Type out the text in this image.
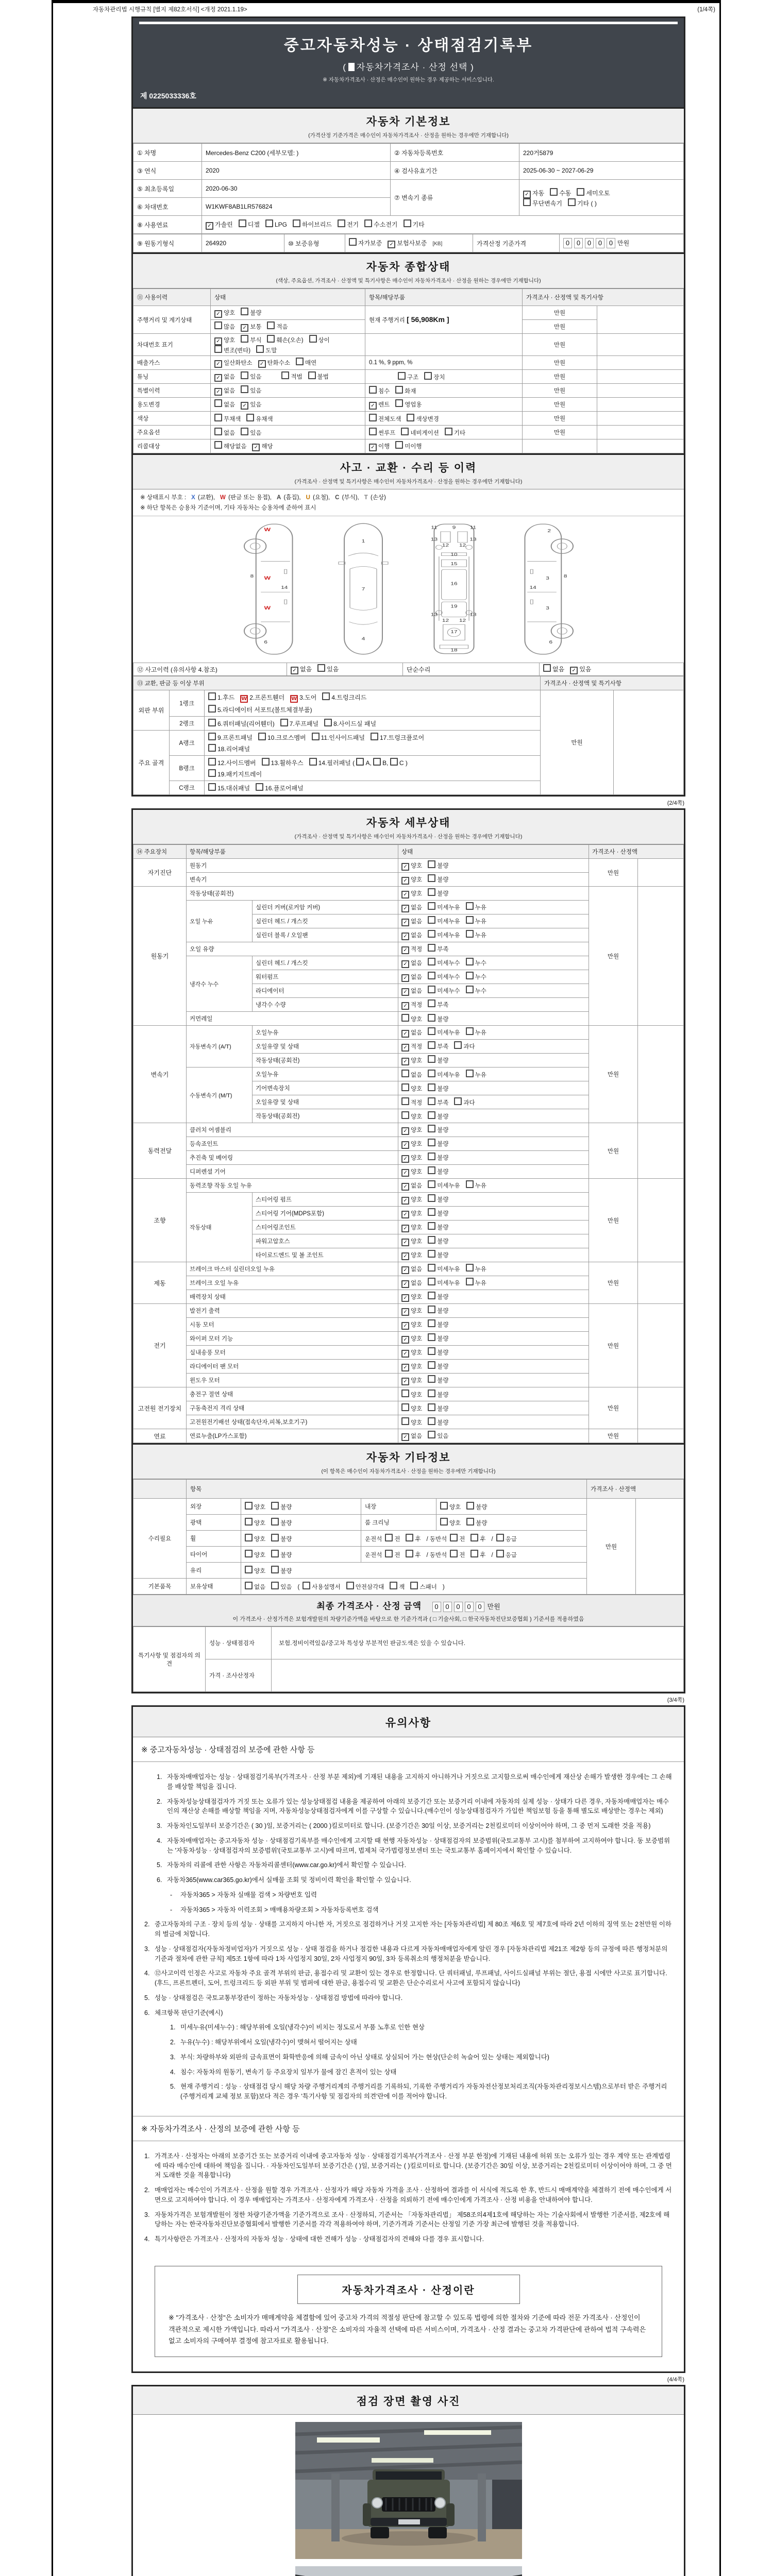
자동차관리법 시행규칙 [별지 제82호서식] <개정 2021.1.19>	(1/4쪽)
중고자동차성능 · 상태점검기록부
( 자동차가격조사 · 산정 선택 )
※ 자동차가격조사 · 산정은 매수인이 원하는 경우 제공하는 서비스입니다.
제 0225033336호
자동차 기본정보
(가격산정 기준가격은 매수인이 자동차가격조사 · 산정을 원하는 경우에만 기재합니다)
① 차명	Mercedes-Benz C200 (세부모델: )	② 자동차등록번호	220거5879
③ 연식	2020	④ 검사유효기간	2025-06-30 ~ 2027-06-29
⑤ 최초등록일	2020-06-30	⑦ 변속기 종류	✓ 자동 수동 세미오토
무단변속기 기타 ( )

⑥ 차대번호	W1KWF8AB1LR576824		
⑧ 사용연료	✓ 가솔린 디젤 LPG 하이브리드 전기 수소전기 기타		
⑨ 원동기형식	264920	⑩ 보증유형	자가보증 ✓ 보험사보증 [KB]	가격산정 기준가격	0 0 0 0 0 만원
자동차 종합상태
(색상, 주요옵션, 가격조사 · 산정액 및 특기사항은 매수인이 자동차가격조사 · 산정을 원하는 경우에만 기재합니다)
⑪ 사용이력	상태	항목/해당부품	가격조사 · 산정액 및 특기사항	
주행거리 및 계기상태	✓ 양호 불량	현재 주행거리 [ 56,908Km ]	만원	
	많음 ✓ 보통 적음		만원	
차대번호 표기	✓ 양호 부식 훼손(오손) 상이변조(변타) 도말		만원	
배출가스	✓ 일산화탄소 ✓ 탄화수소 매연	0.1 %, 9 ppm, %	만원	
튜닝	✓ 없음 있음 적법 불법	구조 장치	만원	
특별이력	✓ 없음 있음	침수 화재	만원	
용도변경	없음 ✓ 있음	✓ 렌트 영업용	만원	
색상	무채색 유채색	전체도색 색상변경	만원	
주요옵션	없음 있음	썬루프 네비게이션 기타	만원	
리콜대상	해당없음 ✓ 해당	✓ 이행 미이행		
사고 · 교환 · 수리 등 이력
(가격조사 · 산정액 및 특기사항은 매수인이 자동차가격조사 · 산정을 원하는 경우에만 기재합니다)
※ 상태표시 부호 : X (교환), W (판금 또는 용접), A (흠집), U (요철), C (부식), T (손상)
※ 하단 항목은 승용차 기준이며, 기타 자동차는 승용차에 준하여 표시
W
8 W
14
W
6
1
7
4
11 9 11
13
12 12
13
10
15
16
19
13
12 12
13
17
18
2
8
3
14
3
6
⑫ 사고이력 (유의사항 4.참조)	✓ 없음 있음	단순수리	없음 ✓ 있음
⑬ 교환, 판금 등 이상 부위			가격조사 · 산정액 및 특기사항	
외판 부위	1랭크	1.후드 W 2.프론트휀더 W 3.도어 4.트렁크리드
5.라디에이터 서포트(볼트체결부품)	만원	
	2랭크	6.쿼터패널(리어휀더) 7.루프패널 8.사이드실 패널		

주요 골격	A랭크	9.프론트패널 10.크로스멤버 11.인사이드패널 17.트렁크플로어
18.리어패널		

	B랭크	12.사이드멤버 13.휠하우스 14.필러패널 ( A, B, C )
19.패키지트레이		

	C랭크	15.대쉬패널 16.플로어패널		
(2/4쪽)
자동차 세부상태
(가격조사 · 산정액 및 특기사항은 매수인이 자동차가격조사 · 산정을 원하는 경우에만 기재합니다)
⑭ 주요장치	항목/해당부품		상태	가격조사 · 산정액	
자기진단	원동기		✓ 양호 불량	만원	
	변속기		✓ 양호 불량		
원동기	작동상태(공회전)		✓ 양호 불량	만원	
	오일 누유	실린더 커버(로커암 커버)	✓ 없음 미세누유 누유		
		실린더 헤드 / 개스킷	✓ 없음 미세누유 누유		
		실린더 블록 / 오일팬	✓ 없음 미세누유 누유		
	오일 유량		✓ 적정 부족		
	냉각수 누수	실린더 헤드 / 개스킷	✓ 없음 미세누수 누수		
		워터펌프	✓ 없음 미세누수 누수		
		라디에이터	✓ 없음 미세누수 누수		
		냉각수 수량	✓ 적정 부족		
	커먼레일		양호 불량		
변속기	자동변속기 (A/T)	오일누유	✓ 없음 미세누유 누유	만원	
		오일유량 및 상태	✓ 적정 부족 과다		
		작동상태(공회전)	✓ 양호 불량		
	수동변속기 (M/T)	오일누유	없음 미세누유 누유		
		기어변속장치	양호 불량		
		오일유량 및 상태	적정 부족 과다		
		작동상태(공회전)	양호 불량		
동력전달	클러치 어셈블리		✓ 양호 불량	만원	
	등속죠인트		✓ 양호 불량		
	추진축 및 베어링		✓ 양호 불량		
	디퍼렌셜 기어		✓ 양호 불량		
조향	동력조향 작동 오일 누유		✓ 없음 미세누유 누유	만원	
	작동상태	스티어링 펌프	✓ 양호 불량		
		스티어링 기어(MDPS포함)	✓ 양호 불량		
		스티어링조인트	✓ 양호 불량		
		파워고압호스	✓ 양호 불량		
		타이로드엔드 및 볼 조인트	✓ 양호 불량		
제동	브레이크 마스터 실린더오일 누유		✓ 없음 미세누유 누유	만원	
	브레이크 오일 누유		✓ 없음 미세누유 누유		
	배력장치 상태		✓ 양호 불량		
전기	발전기 출력		✓ 양호 불량	만원	
	시동 모터		✓ 양호 불량		
	와이퍼 모터 기능		✓ 양호 불량		
	실내송풍 모터		✓ 양호 불량		
	라디에이터 팬 모터		✓ 양호 불량		
	윈도우 모터		✓ 양호 불량		
고전원 전기장치	충전구 절연 상태		양호 불량	만원	
	구동축전지 격리 상태		양호 불량		
	고전원전기배선 상태(접속단자,피복,보호기구)		양호 불량		
연료	연료누출(LP가스포함)		✓ 없음 있음	만원	
자동차 기타정보
(이 항목은 매수인이 자동차가격조사 · 산정을 원하는 경우에만 기재합니다)
	항목				가격조사 · 산정액	
수리필요	외장	양호 불량	내장	양호 불량	만원	
	광택	양호 불량	룸 크리닝	양호 불량		
	휠	양호 불량	운전석 전 후 / 동반석 전 후 / 응급			
	타이어	양호 불량	운전석 전 후 / 동반석 전 후 / 응급			
	유리	양호 불량				
기본품목	보유상태	없음 있음 ( 사용설명서 안전삼각대 잭 스패너 )				
최종 가격조사 · 산정 금액 0 0 0 0 0 만원
이 가격조사 · 산정가격은 보험개발원의 차량기준가액을 바탕으로 한 기준가격과 ( □ 기술사회, □ 한국자동차진단보증협회 ) 기준서를 적용하였음
특기사항 및 점검자의 의견	성능 · 상태점검자	보험.정비이력있음/중고차 특성상 부분적인 판금도색은 있을 수 있습니다.
	가격 · 조사산정자	
(3/4쪽)
유의사항
※ 중고자동차성능 · 상태점검의 보증에 관한 사항 등
1. 자동차매매업자는 성능 · 상태점검기록부(가격조사 · 산정 부분 제외)에 기재된 내용을 고지하지 아니하거나 거짓으로 고지함으로써 매수인에게 재산상 손해가 발생한 경우에는 그 손해를 배상할 책임을 집니다.
2. 자동차성능상태점검자가 거짓 또는 오류가 있는 성능상태점검 내용을 제공하여 아래의 보증기간 또는 보증거리 이내에 자동차의 실제 성능 · 상태가 다른 경우, 자동차매매업자는 매수인의 재산상 손해를 배상할 책임을 지며, 자동차성능상태점검자에게 이를 구상할 수 있습니다.(매수인이 성능상태점검자가 가입한 책임보험 등을 통해 별도로 배상받는 경우는 제외)
3. 자동차인도일부터 보증기간은 ( 30 )일, 보증거리는 ( 2000 )킬로미터로 합니다. (보증기간은 30일 이상, 보증거리는 2천킬로미터 이상이어야 하며, 그 중 먼저 도래한 것을 적용)
4. 자동차매매업자는 중고자동차 성능 · 상태점검기록부를 매수인에게 고지할 때 현행 자동차성능 · 상태점검자의 보증범위(국토교통부 고시)를 첨부하여 고지하여야 합니다. 동 보증범위는 '자동차성능 · 상태점검자의 보증범위'(국토교통부 고시)에 따르며, 법제처 국가법령정보센터 또는 국토교통부 홈페이지에서 확인할 수 있습니다.
5. 자동차의 리콜에 관한 사항은 자동차리콜센터(www.car.go.kr)에서 확인할 수 있습니다.
6. 자동차365(www.car365.go.kr)에서 실매물 조회 및 정비이력 확인을 확인할 수 있습니다.
-	자동차365 > 자동차 실매물 검색 > 차량번호 입력
-	자동차365 > 자동차 이력조회 > 매매용차량조회 > 자동차등록번호 검색
2. 중고자동차의 구조 · 장치 등의 성능 · 상태를 고지하지 아니한 자, 거짓으로 점검하거나 거짓 고지한 자는 [자동차관리법] 제 80조 제6호 및 제7호에 따라 2년 이하의 징역 또는 2천만원 이하의 벌금에 처합니다.
3. 성능 · 상태점검자(자동차정비업자)가 거짓으로 성능 · 상태 점검을 하거나 점검한 내용과 다르게 자동차매매업자에게 알린 경우 [자동차관리법 제21조 제2항 등의 규정에 따른 행정처분의 기준과 절차에 관한 규칙] 제5조 1항에 따라 1차 사업정지 30일, 2차 사업정지 90일, 3차 등록취소의 행정처분을 받습니다.
4. ⑫사고이력 인정은 사고로 자동차 주요 골격 부위의 판금, 용접수리 및 교환이 있는 경우로 한정합니다. 단 쿼터패널, 루프패널, 사이드실패널 부위는 절단, 용접 시에만 사고로 표기합니다. (후드, 프론트펜더, 도어, 트렁크리드 등 외판 부위 및 범퍼에 대한 판금, 용접수리 및 교환은 단순수리로서 사고에 포함되지 않습니다)
5. 성능 · 상태점검은 국토교통부장관이 정하는 자동차성능 · 상태점검 방법에 따라야 합니다.
6. 체크항목 판단기준(예시)
1. 미세누유(미세누수) : 해당부위에 오일(냉각수)이 비치는 정도로서 부품 노후로 인한 현상
2. 누유(누수) : 해당부위에서 오일(냉각수)이 맺혀서 떨어지는 상태
3. 부식: 차량하부와 외판의 금속표면이 화학반응에 의해 금속이 아닌 상태로 상실되어 가는 현상(단순히 녹슬어 있는 상태는 제외합니다)
4. 침수: 자동차의 원동기, 변속기 등 주요장치 일부가 물에 잠긴 흔적이 있는 상태
5. 현재 주행거리 : 성능 · 상태점검 당시 해당 차량 주행거리계의 주행거리를 기록하되, 기록한 주행거리가 자동차전산정보처리조직(자동차관리정보시스템)으로부터 받은 주행거리(주행거리계 교체 정보 포함)보다 적은 경우 '특기사항 및 점검자의 의견'란에 이를 적어야 합니다.
※ 자동차가격조사 · 산정의 보증에 관한 사항 등
1. 가격조사 · 산정자는 아래의 보증기간 또는 보증거리 이내에 중고자동차 성능 · 상태점검기록부(가격조사 · 산정 부분 한정)에 기재된 내용에 허위 또는 오류가 있는 경우 계약 또는 관계법령에 따라 매수인에 대하여 책임을 집니다. · 자동차인도일부터 보증기간은 ( )일, 보증거리는 ( )킬로미터로 합니다. (보증기간은 30일 이상, 보증거리는 2천킬로미터 이상이어야 하며, 그 중 먼저 도래한 것을 적용합니다)
2. 매매업자는 매수인이 가격조사 · 산정을 원할 경우 가격조사 · 산정자가 해당 자동차 가격을 조사 · 산정하여 결과를 이 서식에 적도록 한 후, 반드시 매매계약을 체결하기 전에 매수인에게 서면으로 고지하여야 합니다. 이 경우 매매업자는 가격조사 · 산정자에게 가격조사 · 산정을 의뢰하기 전에 매수인에게 가격조사 · 산정 비용을 안내하여야 합니다.
3. 자동차가격은 보험개발원이 정한 차량기준가액을 기준가격으로 조사 · 산정하되, 기준서는 「자동차관리법」 제58조의4제1호에 해당하는 자는 기술사회에서 발행한 기준서를, 제2호에 해당하는 자는 한국자동차진단보증협회에서 발행한 기준서를 각각 적용하여야 하며, 기준가격과 기준서는 산정일 기준 가장 최근에 발행된 것을 적용합니다.
4. 특기사항란은 가격조사 · 산정자의 자동차 성능 · 상태에 대한 견해가 성능 · 상태점검자의 견해와 다를 경우 표시합니다.
자동차가격조사 · 산정이란
※ "가격조사 · 산정"은 소비자가 매매계약을 체결함에 있어 중고차 가격의 적절성 판단에 참고할 수 있도록 법령에 의한 절차와 기준에 따라 전문 가격조사 · 산정인이 객관적으로 제시한 가액입니다. 따라서 "가격조사 · 산정"은 소비자의 자율적 선택에 따른 서비스이며, 가격조사 · 산정 결과는 중고차 가격판단에 관하여 법적 구속력은 없고 소비자의 구매여부 결정에 참고자료로 활용됩니다.
(4/4쪽)
점검 장면 촬영 사진
